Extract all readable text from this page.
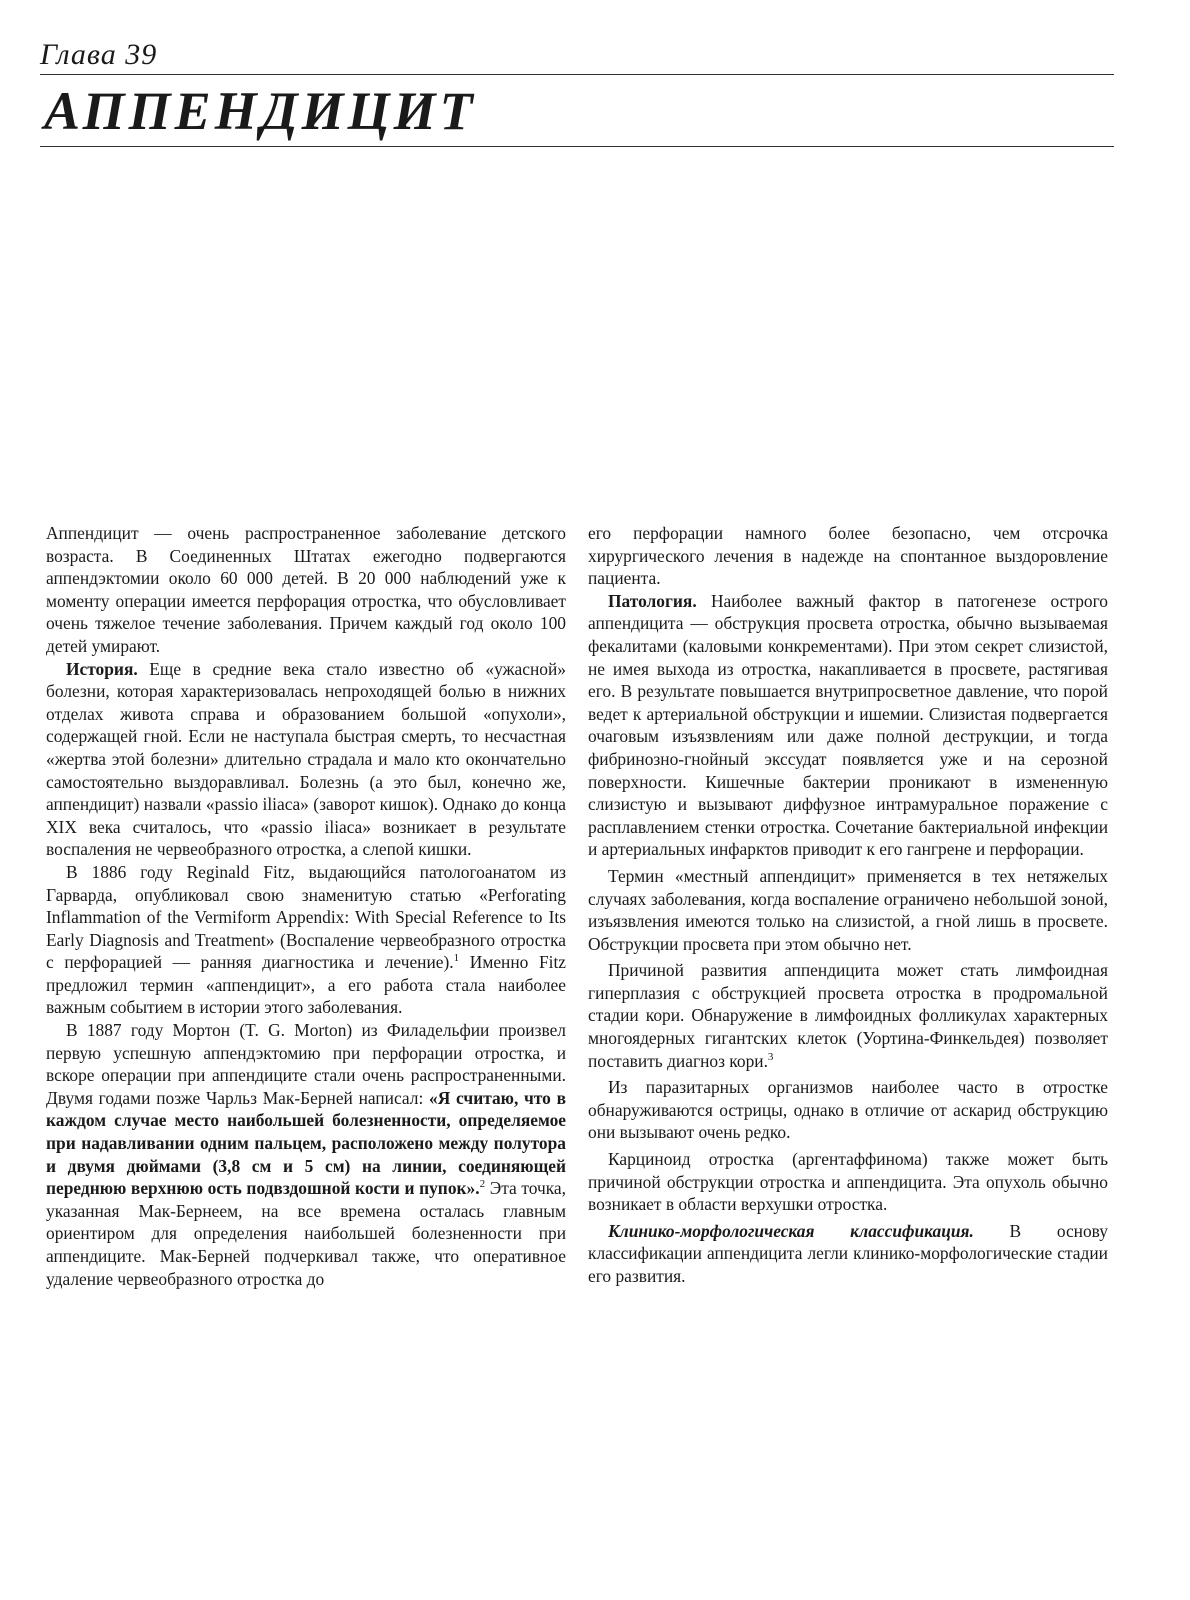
Глава 39
АППЕНДИЦИТ

Аппендицит — очень распространенное заболевание детского возраста. В Соединенных Штатах ежегодно подвергаются аппендэктомии около 60 000 детей. В 20 000 наблюдений уже к моменту операции имеется перфорация отростка, что обусловливает очень тяжелое течение заболевания. Причем каждый год около 100 детей умирают.

История. Еще в средние века стало известно об «ужасной» болезни, которая характеризовалась непроходящей болью в нижних отделах живота справа и образованием большой «опухоли», содержащей гной. Если не наступала быстрая смерть, то несчастная «жертва этой болезни» длительно страдала и мало кто окончательно самостоятельно выздоравливал. Болезнь (а это был, конечно же, аппендицит) назвали «passio iliaca» (заворот кишок). Однако до конца XIX века считалось, что «passio iliaca» возникает в результате воспаления не червеобразного отростка, а слепой кишки.

В 1886 году Reginald Fitz, выдающийся патологоанатом из Гарварда, опубликовал свою знаменитую статью «Perforating Inflammation of the Vermiform Appendix: With Special Reference to Its Early Diagnosis and Treatment» (Воспаление червеобразного отростка с перфорацией — ранняя диагностика и лечение).$^1$ Именно Fitz предложил термин «аппендицит», а его работа стала наиболее важным событием в истории этого заболевания.

В 1887 году Мортон (T. G. Morton) из Филадельфии произвел первую успешную аппендэктомию при перфорации отростка, и вскоре операции при аппендиците стали очень распространенными. Двумя годами позже Чарльз Мак-Берней написал: «Я считаю, что в каждом случае место наибольшей болезненности, определяемое при надавливании одним пальцем, расположено между полутора и двумя дюймами (3,8 см и 5 см) на линии, соединяющей переднюю верхнюю ость подвздошной кости и пупок».$^2$ Эта точка, указанная Мак-Бернеем, на все времена осталась главным ориентиром для определения наибольшей болезненности при аппендиците. Мак-Берней подчеркивал также, что оперативное удаление червеобразного отростка до

его перфорации намного более безопасно, чем отсрочка хирургического лечения в надежде на спонтанное выздоровление пациента.

Патология. Наиболее важный фактор в патогенезе острого аппендицита — обструкция просвета отростка, обычно вызываемая фекалитами (каловыми конкрементами). При этом секрет слизистой, не имея выхода из отростка, накапливается в просвете, растягивая его. В результате повышается внутрипросветное давление, что порой ведет к артериальной обструкции и ишемии. Слизистая подвергается очаговым изъязвлениям или даже полной деструкции, и тогда фибринозно-гнойный экссудат появляется уже и на серозной поверхности. Кишечные бактерии проникают в измененную слизистую и вызывают диффузное интрамуральное поражение с расплавлением стенки отростка. Сочетание бактериальной инфекции и артериальных инфарктов приводит к его гангрене и перфорации.

Термин «местный аппендицит» применяется в тех нетяжелых случаях заболевания, когда воспаление ограничено небольшой зоной, изъязвления имеются только на слизистой, а гной лишь в просвете. Обструкции просвета при этом обычно нет.

Причиной развития аппендицита может стать лимфоидная гиперплазия с обструкцией просвета отростка в продромальной стадии кори. Обнаружение в лимфоидных фолликулах характерных многоядерных гигантских клеток (Уортина-Финкельдея) позволяет поставить диагноз кори.$^3$

Из паразитарных организмов наиболее часто в отростке обнаруживаются острицы, однако в отличие от аскарид обструкцию они вызывают очень редко.

Карциноид отростка (аргентаффинома) также может быть причиной обструкции отростка и аппендицита. Эта опухоль обычно возникает в области верхушки отростка.

Клинико-морфологическая классификация. В основу классификации аппендицита легли клинико-морфологические стадии его развития.
